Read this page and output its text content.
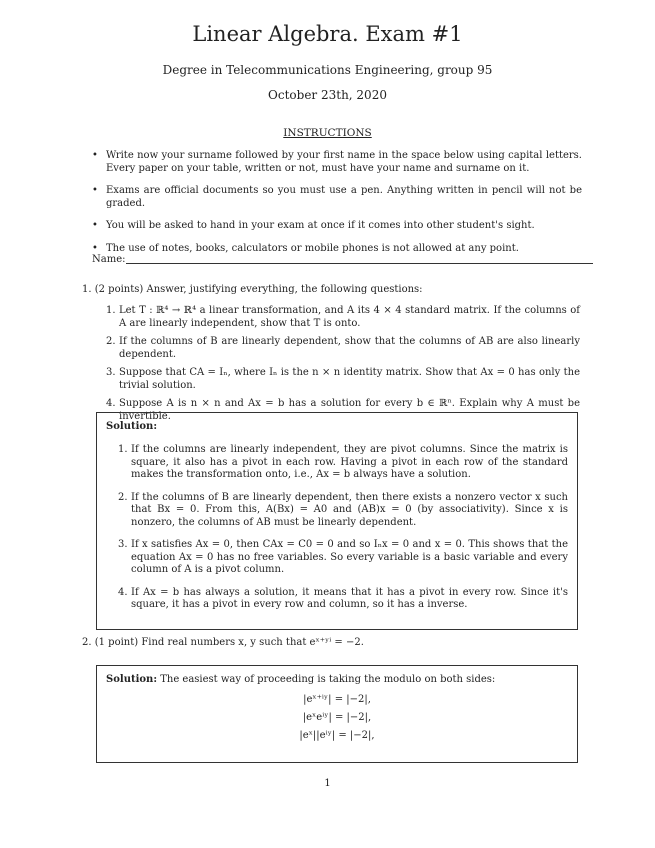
Linear Algebra. Exam #1
Degree in Telecommunications Engineering, group 95
October 23th, 2020
INSTRUCTIONS
• Write now your surname followed by your first name in the space below using capital letters. Every paper on your table, written or not, must have your name and surname on it.
• Exams are official documents so you must use a pen. Anything written in pencil will not be graded.
• You will be asked to hand in your exam at once if it comes into other student's sight.
• The use of notes, books, calculators or mobile phones is not allowed at any point.
Name:
1. (2 points) Answer, justifying everything, the following questions:
1. Let T : ℝ⁴ → ℝ⁴ a linear transformation, and A its 4 × 4 standard matrix. If the columns of A are linearly independent, show that T is onto.
2. If the columns of B are linearly dependent, show that the columns of AB are also linearly dependent.
3. Suppose that CA = Iₙ, where Iₙ is the n × n identity matrix. Show that Ax = 0 has only the trivial solution.
4. Suppose A is n × n and Ax = b has a solution for every b ∈ ℝⁿ. Explain why A must be invertible.
Solution:
1. If the columns are linearly independent, they are pivot columns. Since the matrix is square, it also has a pivot in each row. Having a pivot in each row of the standard makes the transformation onto, i.e., Ax = b always have a solution.
2. If the columns of B are linearly dependent, then there exists a nonzero vector x such that Bx = 0. From this, A(Bx) = A0 and (AB)x = 0 (by associativity). Since x is nonzero, the columns of AB must be linearly dependent.
3. If x satisfies Ax = 0, then CAx = C0 = 0 and so Iₙx = 0 and x = 0. This shows that the equation Ax = 0 has no free variables. So every variable is a basic variable and every column of A is a pivot column.
4. If Ax = b has always a solution, it means that it has a pivot in every row. Since it's square, it has a pivot in every row and column, so it has a inverse.
2. (1 point) Find real numbers x, y such that eˣ⁺ʸⁱ = −2.
Solution: The easiest way of proceeding is taking the modulo on both sides:
|eˣ⁺ⁱʸ| = |−2|,
|eˣeⁱʸ| = |−2|,
|eˣ||eⁱʸ| = |−2|,
1
